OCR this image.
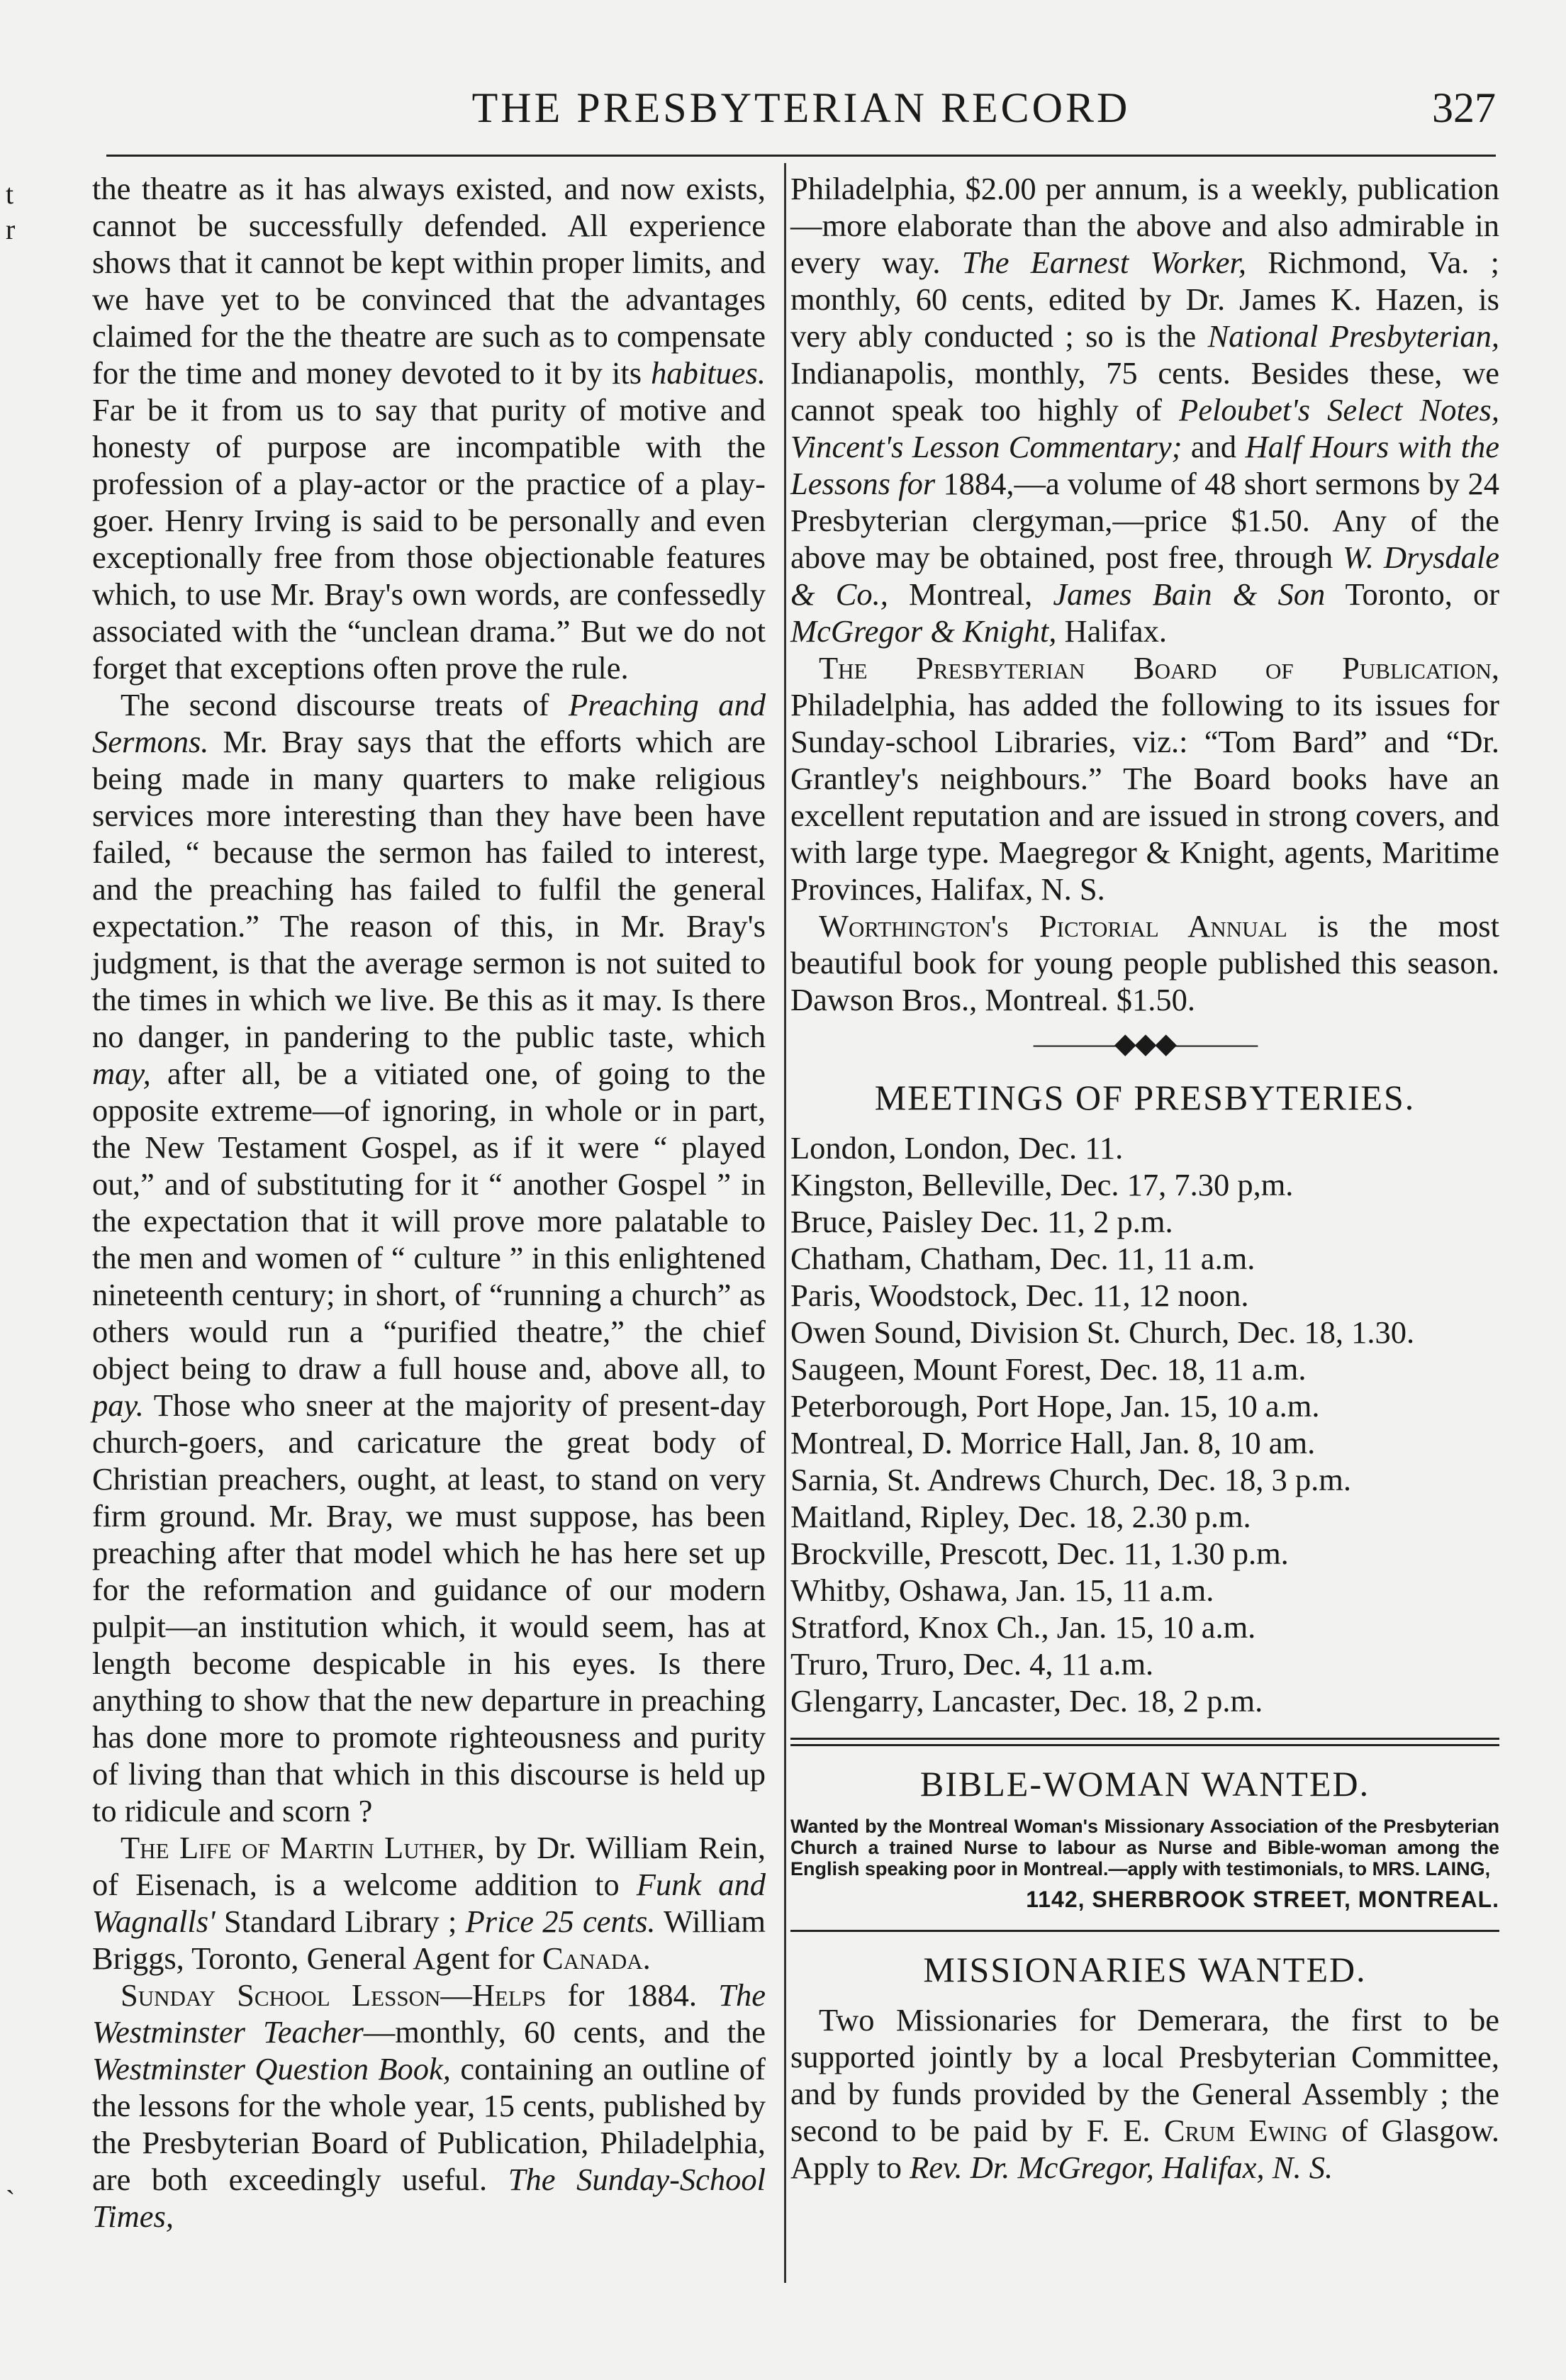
THE PRESBYTERIAN RECORD	327
t
r
`

the theatre as it has always existed, and now exists, cannot be successfully defended. All experience shows that it cannot be kept within proper limits, and we have yet to be convinced that the advantages claimed for the the theatre are such as to compensate for the time and money devoted to it by its habitues. Far be it from us to say that purity of motive and honesty of purpose are incompatible with the profession of a play-actor or the practice of a play-goer. Henry Irving is said to be personally and even exceptionally free from those objectionable features which, to use Mr. Bray's own words, are confessedly associated with the “unclean drama.” But we do not forget that exceptions often prove the rule.

The second discourse treats of Preaching and Sermons. Mr. Bray says that the efforts which are being made in many quarters to make religious services more interesting than they have been have failed, “ because the sermon has failed to interest, and the preaching has failed to fulfil the general expectation.” The reason of this, in Mr. Bray's judgment, is that the average sermon is not suited to the times in which we live. Be this as it may. Is there no danger, in pandering to the public taste, which may, after all, be a vitiated one, of going to the opposite extreme—of ignoring, in whole or in part, the New Testament Gospel, as if it were “ played out,” and of substituting for it “ another Gospel ” in the expectation that it will prove more palatable to the men and women of “ culture ” in this enlightened nineteenth century; in short, of “running a church” as others would run a “purified theatre,” the chief object being to draw a full house and, above all, to pay. Those who sneer at the majority of present-day church-goers, and caricature the great body of Christian preachers, ought, at least, to stand on very firm ground. Mr. Bray, we must suppose, has been preaching after that model which he has here set up for the reformation and guidance of our modern pulpit—an institution which, it would seem, has at length become despicable in his eyes. Is there anything to show that the new departure in preaching has done more to promote righteousness and purity of living than that which in this discourse is held up to ridicule and scorn ?

The Life of Martin Luther, by Dr. William Rein, of Eisenach, is a welcome addition to Funk and Wagnalls' Standard Library ; Price 25 cents. William Briggs, Toronto, General Agent for Canada.

Sunday School Lesson—Helps for 1884. The Westminster Teacher—monthly, 60 cents, and the Westminster Question Book, containing an outline of the lessons for the whole year, 15 cents, published by the Presbyterian Board of Publication, Philadelphia, are both exceedingly useful. The Sunday-School Times,

Philadelphia, $2.00 per annum, is a weekly, publication—more elaborate than the above and also admirable in every way. The Earnest Worker, Richmond, Va. ; monthly, 60 cents, edited by Dr. James K. Hazen, is very ably conducted ; so is the National Presbyterian, Indianapolis, monthly, 75 cents. Besides these, we cannot speak too highly of Peloubet's Select Notes, Vincent's Lesson Commentary; and Half Hours with the Lessons for 1884,—a volume of 48 short sermons by 24 Presbyterian clergyman,—price $1.50. Any of the above may be obtained, post free, through W. Drysdale & Co., Montreal, James Bain & Son Toronto, or McGregor & Knight, Halifax.

The Presbyterian Board of Publication, Philadelphia, has added the following to its issues for Sunday-school Libraries, viz.: “Tom Bard” and “Dr. Grantley's neighbours.” The Board books have an excellent reputation and are issued in strong covers, and with large type. Maegregor & Knight, agents, Maritime Provinces, Halifax, N. S.

Worthington's Pictorial Annual is the most beautiful book for young people published this season. Dawson Bros., Montreal. $1.50.

———◆◆◆———
MEETINGS OF PRESBYTERIES.
London, London, Dec. 11.
Kingston, Belleville, Dec. 17, 7.30 p,m.
Bruce, Paisley Dec. 11, 2 p.m.
Chatham, Chatham, Dec. 11, 11 a.m.
Paris, Woodstock, Dec. 11, 12 noon.
Owen Sound, Division St. Church, Dec. 18, 1.30.
Saugeen, Mount Forest, Dec. 18, 11 a.m.
Peterborough, Port Hope, Jan. 15, 10 a.m.
Montreal, D. Morrice Hall, Jan. 8, 10 am.
Sarnia, St. Andrews Church, Dec. 18, 3 p.m.
Maitland, Ripley, Dec. 18, 2.30 p.m.
Brockville, Prescott, Dec. 11, 1.30 p.m.
Whitby, Oshawa, Jan. 15, 11 a.m.
Stratford, Knox Ch., Jan. 15, 10 a.m.
Truro, Truro, Dec. 4, 11 a.m.
Glengarry, Lancaster, Dec. 18, 2 p.m.
BIBLE-WOMAN WANTED.

Wanted by the Montreal Woman's Missionary Association of the Presbyterian Church a trained Nurse to labour as Nurse and Bible-woman among the English speaking poor in Montreal.—apply with testimonials, to MRS. LAING,

1142, SHERBROOK STREET, MONTREAL.
MISSIONARIES WANTED.

Two Missionaries for Demerara, the first to be supported jointly by a local Presbyterian Committee, and by funds provided by the General Assembly ; the second to be paid by F. E. Crum Ewing of Glasgow. Apply to Rev. Dr. McGregor, Halifax, N. S.
